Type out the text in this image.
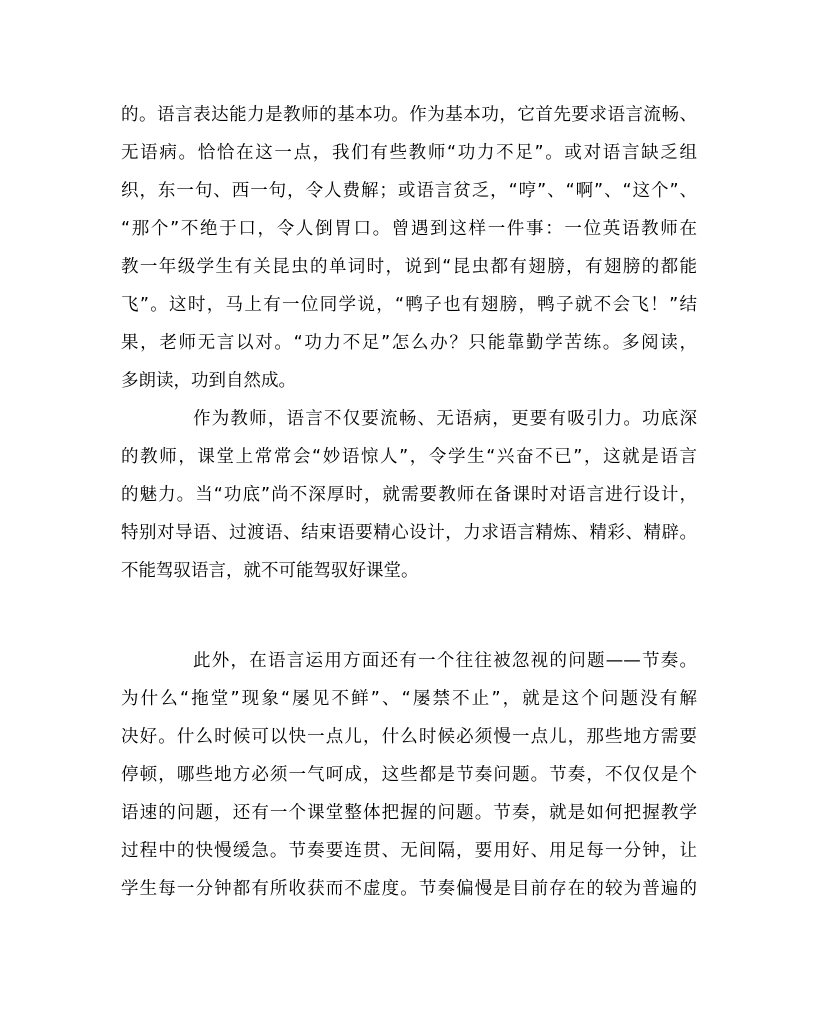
的。语言表达能力是教师的基本功。作为基本功，它首先要求语言流畅、
无语病。恰恰在这一点，我们有些教师“功力不足”。或对语言缺乏组
织，东一句、西一句，令人费解；或语言贫乏，“哼”、“啊”、“这个”、
“那个”不绝于口，令人倒胃口。曾遇到这样一件事：一位英语教师在
教一年级学生有关昆虫的单词时，说到“昆虫都有翅膀，有翅膀的都能
飞”。这时，马上有一位同学说，“鸭子也有翅膀，鸭子就不会飞！”结
果，老师无言以对。“功力不足”怎么办？只能靠勤学苦练。多阅读，
多朗读，功到自然成。
作为教师，语言不仅要流畅、无语病，更要有吸引力。功底深
的教师，课堂上常常会“妙语惊人”，令学生“兴奋不已”，这就是语言
的魅力。当“功底”尚不深厚时，就需要教师在备课时对语言进行设计，
特别对导语、过渡语、结束语要精心设计，力求语言精炼、精彩、精辟。
不能驾驭语言，就不可能驾驭好课堂。
此外，在语言运用方面还有一个往往被忽视的问题——节奏。
为什么“拖堂”现象“屡见不鲜”、“屡禁不止”，就是这个问题没有解
决好。什么时候可以快一点儿，什么时候必须慢一点儿，那些地方需要
停顿，哪些地方必须一气呵成，这些都是节奏问题。节奏，不仅仅是个
语速的问题，还有一个课堂整体把握的问题。节奏，就是如何把握教学
过程中的快慢缓急。节奏要连贯、无间隔，要用好、用足每一分钟，让
学生每一分钟都有所收获而不虚度。节奏偏慢是目前存在的较为普遍的
